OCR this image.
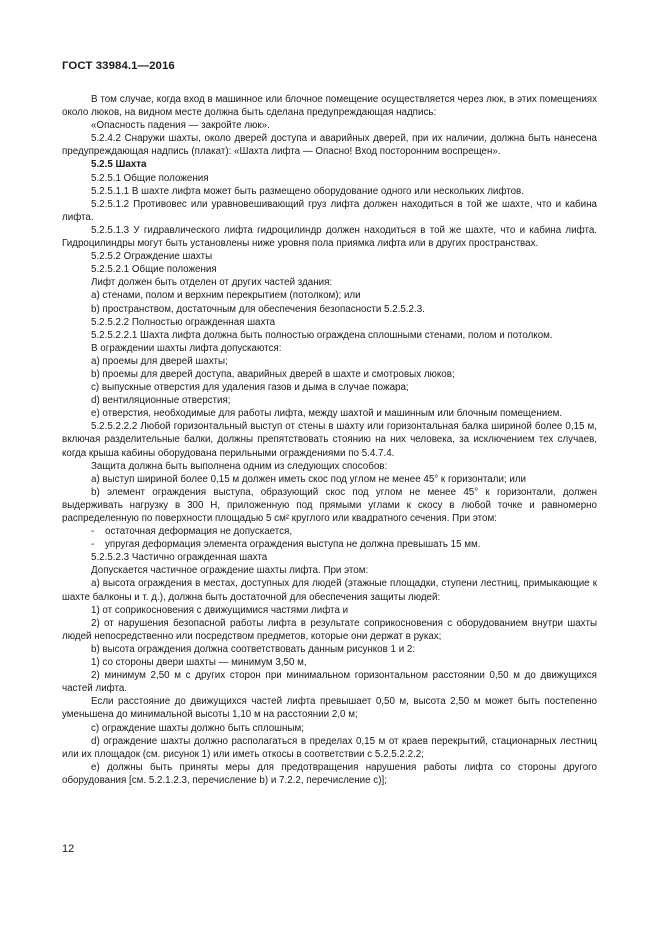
ГОСТ 33984.1—2016

В том случае, когда вход в машинное или блочное помещение осуществляется через люк, в этих помещениях около люков, на видном месте должна быть сделана предупреждающая надпись:

«Опасность падения — закройте люк».

5.2.4.2 Снаружи шахты, около дверей доступа и аварийных дверей, при их наличии, должна быть нанесена предупреждающая надпись (плакат): «Шахта лифта — Опасно! Вход посторонним воспрещен».

5.2.5 Шахта

5.2.5.1 Общие положения

5.2.5.1.1 В шахте лифта может быть размещено оборудование одного или нескольких лифтов.

5.2.5.1.2 Противовес или уравновешивающий груз лифта должен находиться в той же шахте, что и кабина лифта.

5.2.5.1.3 У гидравлического лифта гидроцилиндр должен находиться в той же шахте, что и кабина лифта. Гидроцилиндры могут быть установлены ниже уровня пола приямка лифта или в других пространствах.

5.2.5.2 Ограждение шахты

5.2.5.2.1 Общие положения

Лифт должен быть отделен от других частей здания:

a) стенами, полом и верхним перекрытием (потолком); или

b) пространством, достаточным для обеспечения безопасности 5.2.5.2.3.

5.2.5.2.2 Полностью огражденная шахта

5.2.5.2.2.1 Шахта лифта должна быть полностью ограждена сплошными стенами, полом и потолком.

В ограждении шахты лифта допускаются:

a) проемы для дверей шахты;

b) проемы для дверей доступа, аварийных дверей в шахте и смотровых люков;

c) выпускные отверстия для удаления газов и дыма в случае пожара;

d) вентиляционные отверстия;

e) отверстия, необходимые для работы лифта, между шахтой и машинным или блочным помещением.

5.2.5.2.2.2 Любой горизонтальный выступ от стены в шахту или горизонтальная балка шириной более 0,15 м, включая разделительные балки, должны препятствовать стоянию на них человека, за исключением тех случаев, когда крыша кабины оборудована перильными ограждениями по 5.4.7.4.

Защита должна быть выполнена одним из следующих способов:

a) выступ шириной более 0,15 м должен иметь скос под углом не менее 45° к горизонтали; или

b) элемент ограждения выступа, образующий скос под углом не менее 45° к горизонтали, должен выдерживать нагрузку в 300 Н, приложенную под прямыми углами к скосу в любой точке и равномерно распределенную по поверхности площадью 5 см² круглого или квадратного сечения. При этом:

- остаточная деформация не допускается,

- упругая деформация элемента ограждения выступа не должна превышать 15 мм.

5.2.5.2.3 Частично огражденная шахта

Допускается частичное ограждение шахты лифта. При этом:

a) высота ограждения в местах, доступных для людей (этажные площадки, ступени лестниц, примыкающие к шахте балконы и т. д.), должна быть достаточной для обеспечения защиты людей:

1) от соприкосновения с движущимися частями лифта и

2) от нарушения безопасной работы лифта в результате соприкосновения с оборудованием внутри шахты людей непосредственно или посредством предметов, которые они держат в руках;

b) высота ограждения должна соответствовать данным рисунков 1 и 2:

1) со стороны двери шахты — минимум 3,50 м,

2) минимум 2,50 м с других сторон при минимальном горизонтальном расстоянии 0,50 м до движущихся частей лифта.

Если расстояние до движущихся частей лифта превышает 0,50 м, высота 2,50 м может быть постепенно уменьшена до минимальной высоты 1,10 м на расстоянии 2,0 м;

c) ограждение шахты должно быть сплошным;

d) ограждение шахты должно располагаться в пределах 0,15 м от краев перекрытий, стационарных лестниц или их площадок (см. рисунок 1) или иметь откосы в соответствии с 5.2.5.2.2.2;

e) должны быть приняты меры для предотвращения нарушения работы лифта со стороны другого оборудования [см. 5.2.1.2.3, перечисление b) и 7.2.2, перечисление c)];

12
